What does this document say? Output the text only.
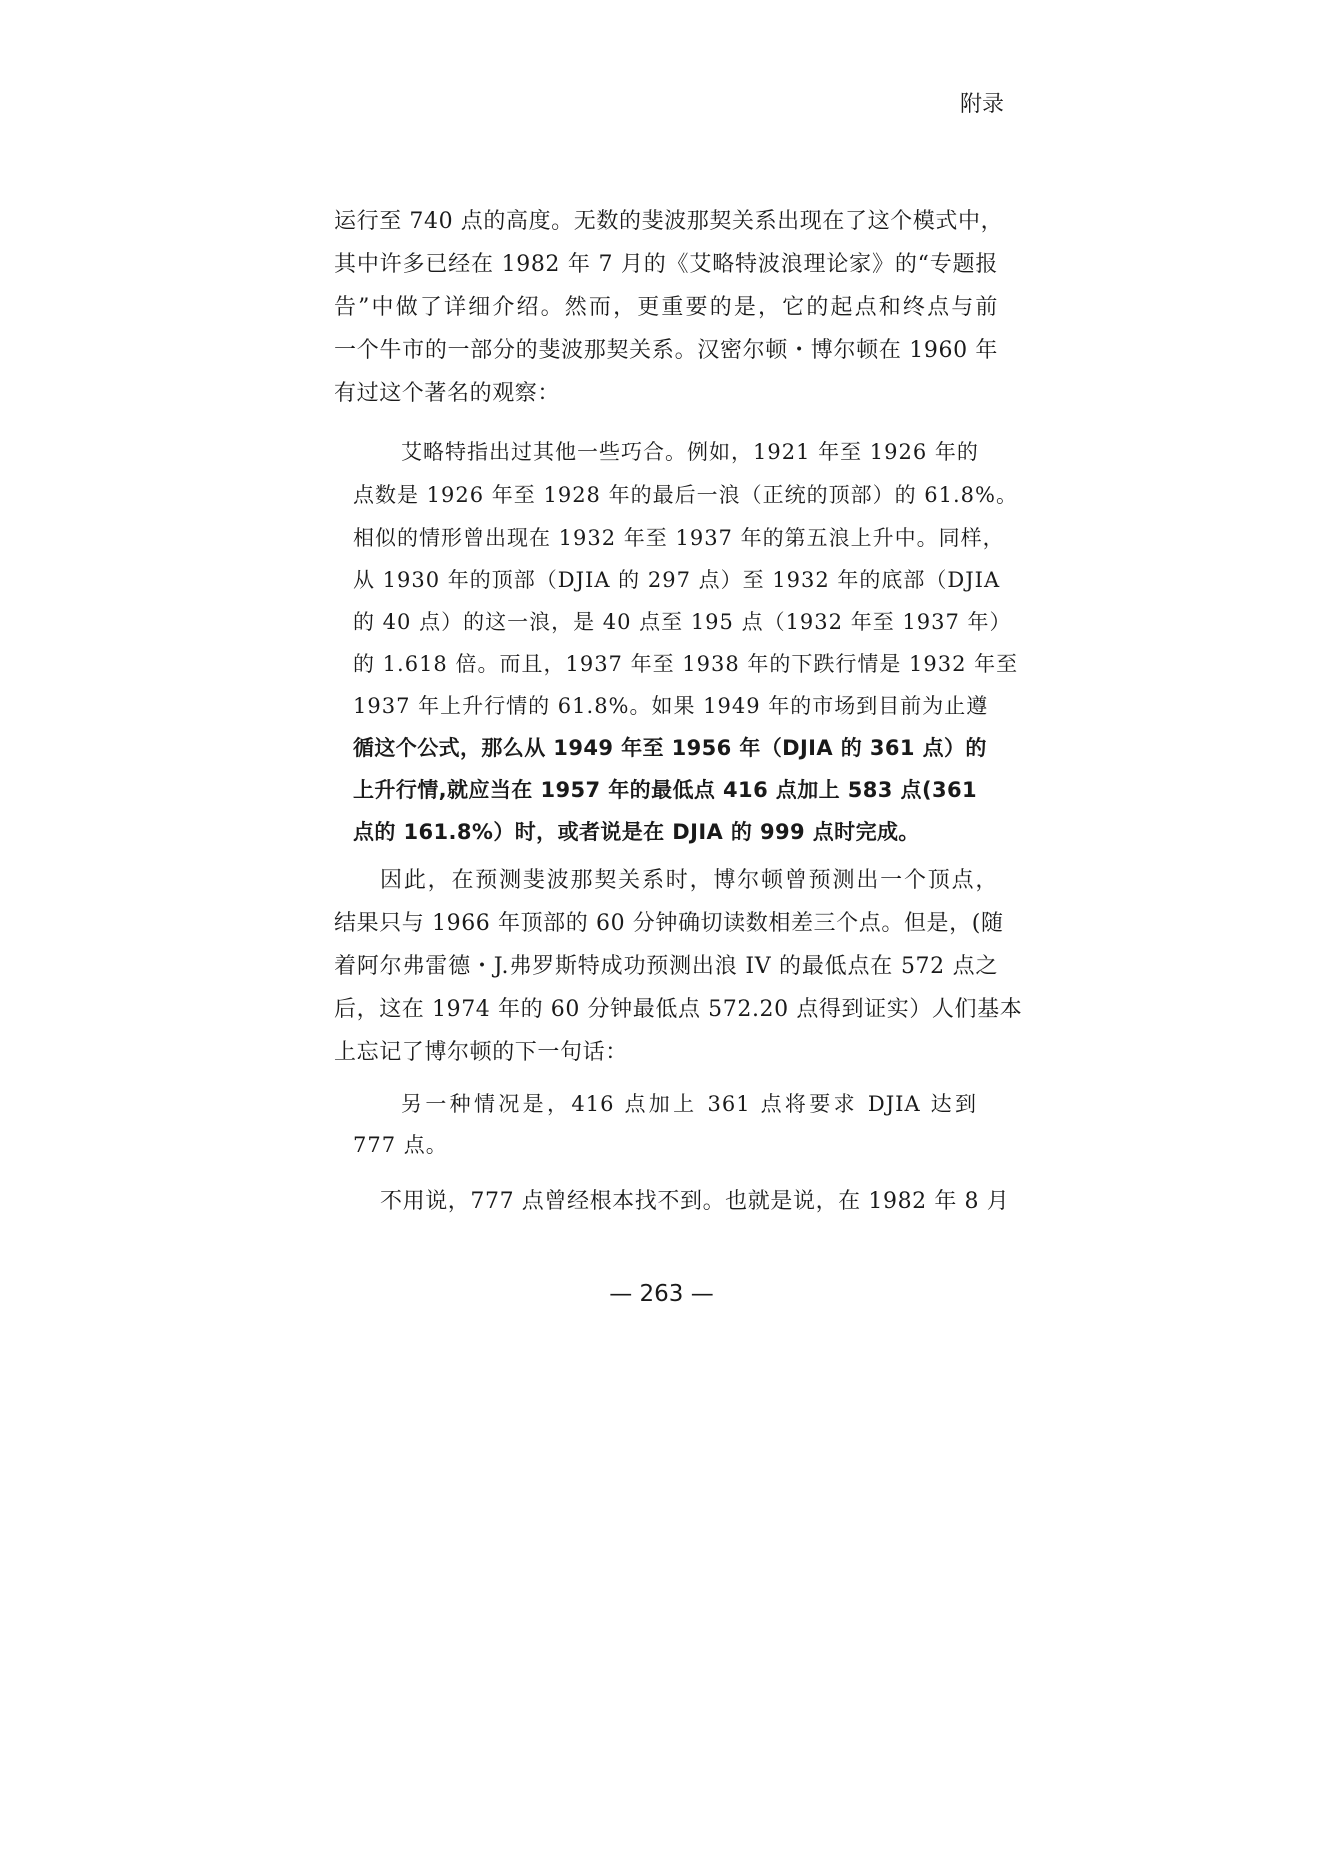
附录

运行至 740 点的高度。无数的斐波那契关系出现在了这个模式中，

其中许多已经在 1982 年 7 月的《艾略特波浪理论家》的“专题报

告”中做了详细介绍。然而，更重要的是，它的起点和终点与前

一个牛市的一部分的斐波那契关系。汉密尔顿・博尔顿在 1960 年

有过这个著名的观察：

艾略特指出过其他一些巧合。例如，1921 年至 1926 年的

点数是 1926 年至 1928 年的最后一浪（正统的顶部）的 61.8%。

相似的情形曾出现在 1932 年至 1937 年的第五浪上升中。同样，

从 1930 年的顶部（DJIA 的 297 点）至 1932 年的底部（DJIA

的 40 点）的这一浪，是 40 点至 195 点（1932 年至 1937 年）

的 1.618 倍。而且，1937 年至 1938 年的下跌行情是 1932 年至

1937 年上升行情的 61.8%。如果 1949 年的市场到目前为止遵

循这个公式，那么从 1949 年至 1956 年（DJIA 的 361 点）的

上升行情,就应当在 1957 年的最低点 416 点加上 583 点(361

点的 161.8%）时，或者说是在 DJIA 的 999 点时完成。

因此，在预测斐波那契关系时，博尔顿曾预测出一个顶点，

结果只与 1966 年顶部的 60 分钟确切读数相差三个点。但是，(随

着阿尔弗雷德・J.弗罗斯特成功预测出浪 IV 的最低点在 572 点之

后，这在 1974 年的 60 分钟最低点 572.20 点得到证实）人们基本

上忘记了博尔顿的下一句话：

另一种情况是，416 点加上 361 点将要求 DJIA 达到

777 点。

不用说，777 点曾经根本找不到。也就是说，在 1982 年 8 月

— 263 —
